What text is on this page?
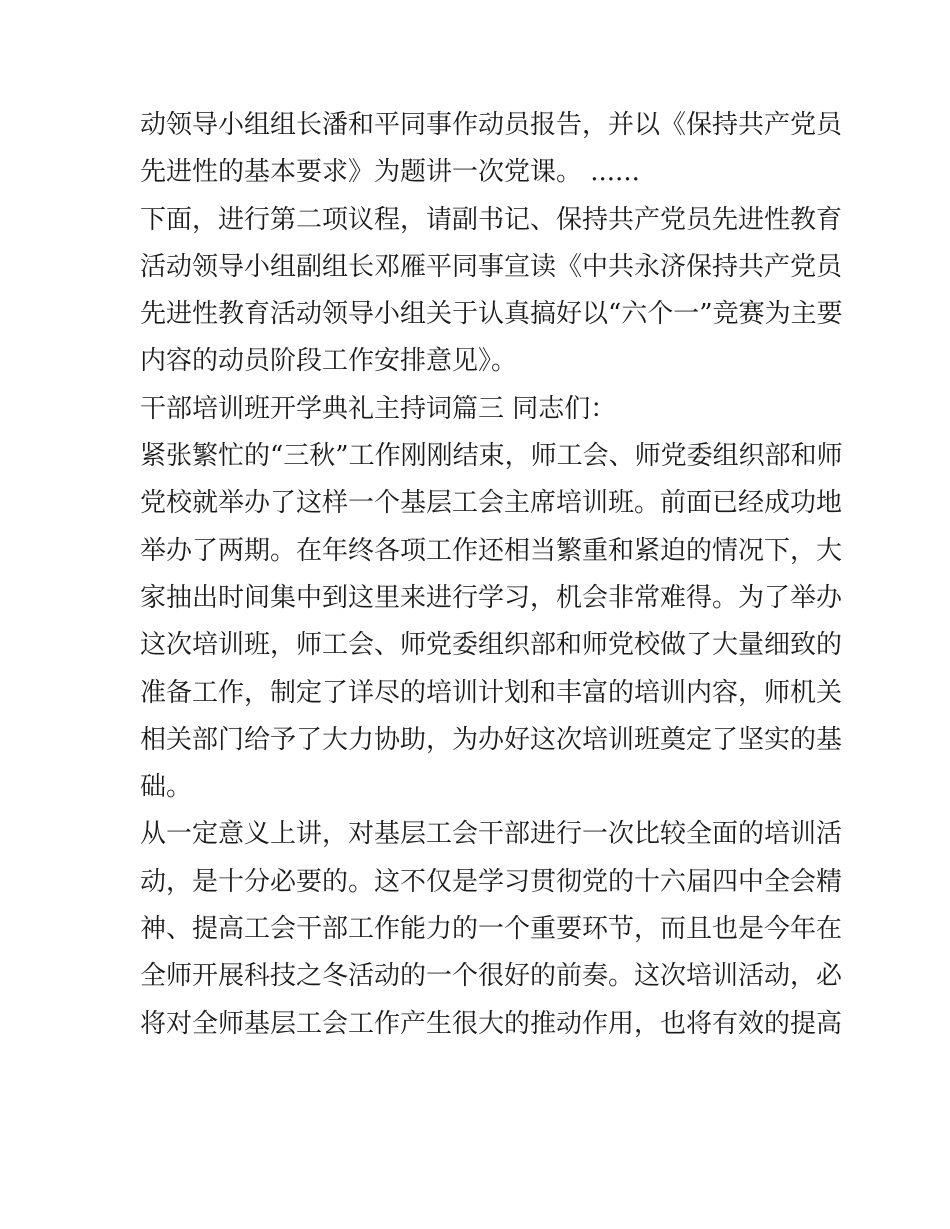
动领导小组组长潘和平同事作动员报告，并以《保持共产党员
先进性的基本要求》为题讲一次党课。 ......
下面，进行第二项议程，请副书记、保持共产党员先进性教育
活动领导小组副组长邓雁平同事宣读《中共永济保持共产党员
先进性教育活动领导小组关于认真搞好以“六个一”竞赛为主要
内容的动员阶段工作安排意见》。
干部培训班开学典礼主持词篇三 同志们：
紧张繁忙的“三秋”工作刚刚结束，师工会、师党委组织部和师
党校就举办了这样一个基层工会主席培训班。前面已经成功地
举办了两期。在年终各项工作还相当繁重和紧迫的情况下，大
家抽出时间集中到这里来进行学习，机会非常难得。为了举办
这次培训班，师工会、师党委组织部和师党校做了大量细致的
准备工作，制定了详尽的培训计划和丰富的培训内容，师机关
相关部门给予了大力协助，为办好这次培训班奠定了坚实的基
础。
从一定意义上讲，对基层工会干部进行一次比较全面的培训活
动，是十分必要的。这不仅是学习贯彻党的十六届四中全会精
神、提高工会干部工作能力的一个重要环节，而且也是今年在
全师开展科技之冬活动的一个很好的前奏。这次培训活动，必
将对全师基层工会工作产生很大的推动作用，也将有效的提高
